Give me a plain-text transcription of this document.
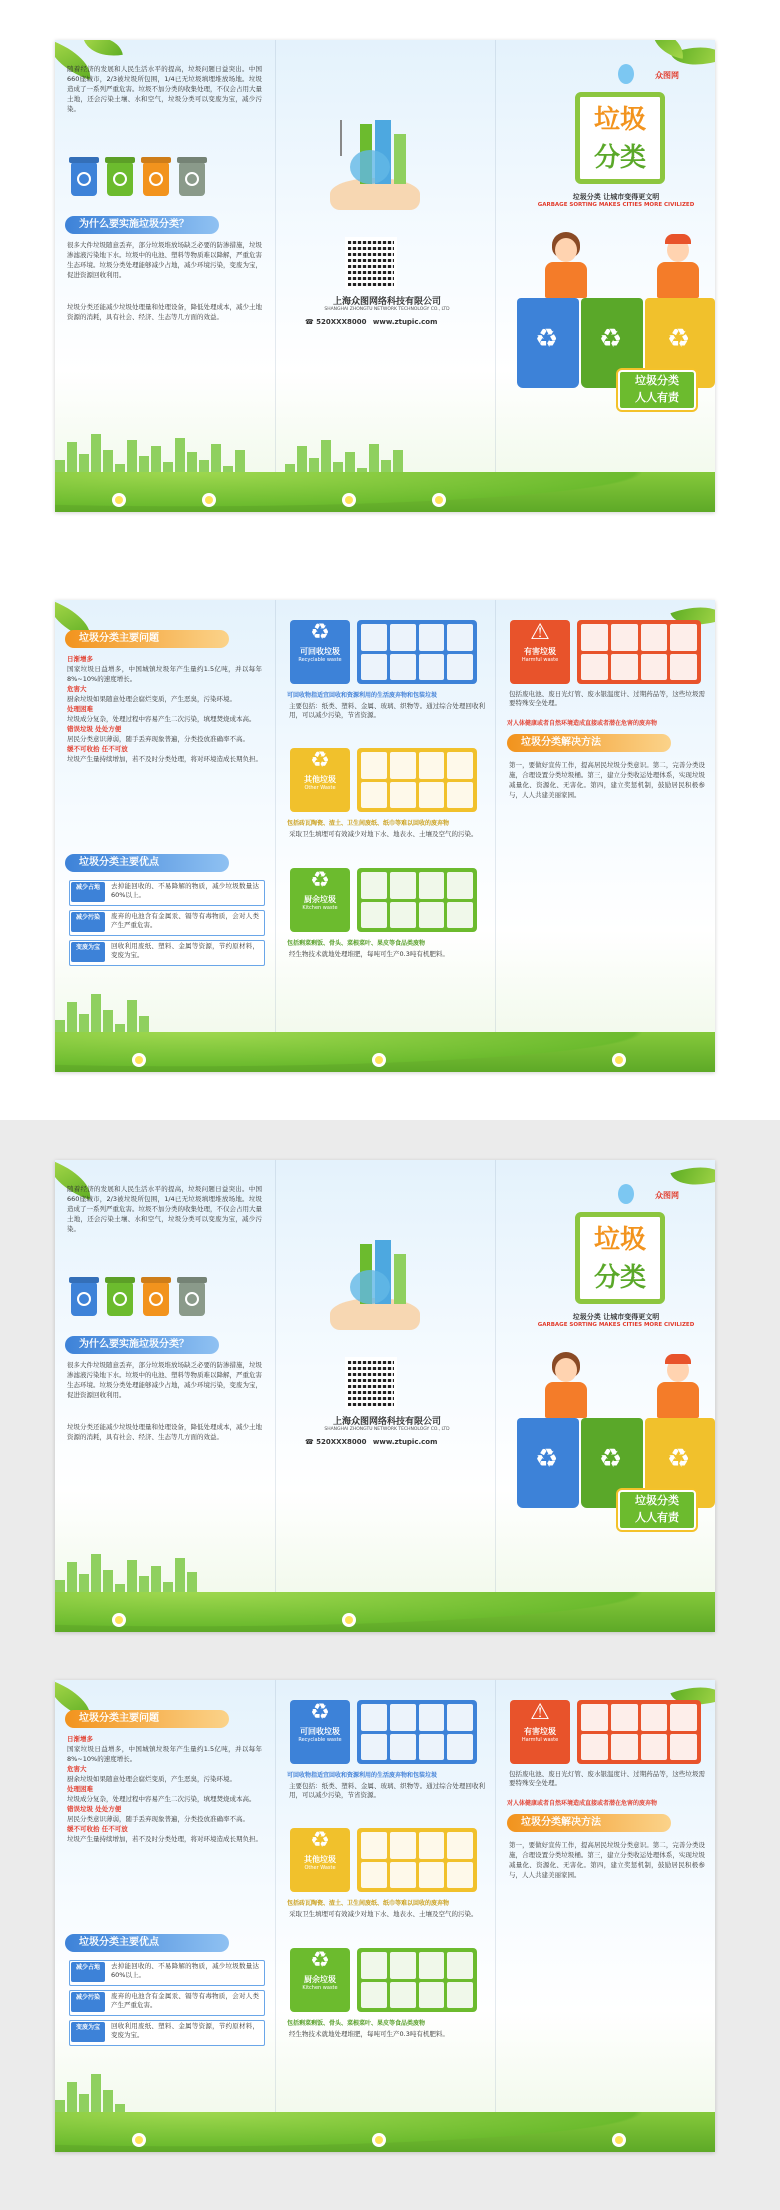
随着经济的发展和人民生活水平的提高，垃圾问题日益突出。中国660座城市，2/3被垃圾所包围，1/4已无垃圾填埋堆放场地。垃圾造成了一系列严重危害。垃圾不加分类的收集处理，不仅会占用大量土地，还会污染土壤、水和空气，垃圾分类可以变废为宝，减少污染。
为什么要实施垃圾分类？
很多大件垃圾随意丢弃，部分垃圾堆放场缺乏必要的防渗措施，垃圾渗滤液污染地下水。垃圾中的电池、塑料等物质难以降解，严重危害生态环境。垃圾分类处理能够减少占地，减少环境污染，变废为宝，促进资源回收利用。
垃圾分类还能减少垃圾处理量和处理设备，降低处理成本，减少土地资源的消耗，具有社会、经济、生态等几方面的效益。
上海众图网络科技有限公司
SHANGHAI ZHONGTU NETWORK TECHNOLOGY CO., LTD
☎ 520XXX8000 www.ztupic.com
众图网
垃圾
分类
垃圾分类 让城市变得更文明
GARBAGE SORTING MAKES CITIES MORE CIVILIZED
♻ ♻ ♻
垃圾分类
人人有责
垃圾分类主要问题
日渐增多
国家垃圾日益增多，中国城镇垃圾年产生量约1.5亿吨，并以每年8%~10%的速度增长。
危害大
厨余垃圾如果随意处理会腐烂变质，产生恶臭，污染环境。
处理困难
垃圾成分复杂，处理过程中容易产生二次污染，填埋焚烧成本高。
错误垃圾 处处方便
居民分类意识薄弱，随手丢弃现象普遍，分类投放准确率不高。
缓不可收拾 任不可放
垃圾产生量持续增加，若不及时分类处理，将对环境造成长期负担。
垃圾分类主要优点
减少占地	去掉能回收的、不易降解的物质，减少垃圾数量达60%以上。
减少污染	废弃的电池含有金属汞、镉等有毒物质，会对人类产生严重危害。
变废为宝	回收利用废纸、塑料、金属等资源，节约原材料，变废为宝。
♻
可回收垃圾
Recyclable waste
可回收物指适宜回收和资源利用的生活废弃物和包装垃圾
主要包括：纸类、塑料、金属、玻璃、织物等。通过综合处理回收利用，可以减少污染，节省资源。
♻
其他垃圾
Other Waste
包括砖瓦陶瓷、渣土、卫生间废纸、纸巾等难以回收的废弃物
采取卫生填埋可有效减少对地下水、地表水、土壤及空气的污染。
♻
厨余垃圾
Kitchen waste
包括剩菜剩饭、骨头、菜根菜叶、果皮等食品类废物
经生物技术就地处理堆肥，每吨可生产0.3吨有机肥料。
⚠
有害垃圾
Harmful waste
包括废电池、废日光灯管、废水银温度计、过期药品等，这些垃圾需要特殊安全处理。
对人体健康或者自然环境造成直接或者潜在危害的废弃物
垃圾分类解决方法
第一，要做好宣传工作，提高居民垃圾分类意识。第二，完善分类设施，合理设置分类垃圾桶。第三，建立分类收运处理体系，实现垃圾减量化、资源化、无害化。第四，建立奖惩机制，鼓励居民积极参与，人人共建美丽家园。
随着经济的发展和人民生活水平的提高，垃圾问题日益突出。中国660座城市，2/3被垃圾所包围，1/4已无垃圾填埋堆放场地。垃圾造成了一系列严重危害。垃圾不加分类的收集处理，不仅会占用大量土地，还会污染土壤、水和空气，垃圾分类可以变废为宝，减少污染。
为什么要实施垃圾分类？
很多大件垃圾随意丢弃，部分垃圾堆放场缺乏必要的防渗措施，垃圾渗滤液污染地下水。垃圾中的电池、塑料等物质难以降解，严重危害生态环境。垃圾分类处理能够减少占地，减少环境污染，变废为宝，促进资源回收利用。
垃圾分类还能减少垃圾处理量和处理设备，降低处理成本，减少土地资源的消耗，具有社会、经济、生态等几方面的效益。
上海众图网络科技有限公司
SHANGHAI ZHONGTU NETWORK TECHNOLOGY CO., LTD
☎ 520XXX8000 www.ztupic.com
众图网
垃圾
分类
垃圾分类 让城市变得更文明
GARBAGE SORTING MAKES CITIES MORE CIVILIZED
♻ ♻ ♻
垃圾分类
人人有责
垃圾分类主要问题
日渐增多
国家垃圾日益增多，中国城镇垃圾年产生量约1.5亿吨，并以每年8%~10%的速度增长。
危害大
厨余垃圾如果随意处理会腐烂变质，产生恶臭，污染环境。
处理困难
垃圾成分复杂，处理过程中容易产生二次污染，填埋焚烧成本高。
错误垃圾 处处方便
居民分类意识薄弱，随手丢弃现象普遍，分类投放准确率不高。
缓不可收拾 任不可放
垃圾产生量持续增加，若不及时分类处理，将对环境造成长期负担。
垃圾分类主要优点
减少占地	去掉能回收的、不易降解的物质，减少垃圾数量达60%以上。
减少污染	废弃的电池含有金属汞、镉等有毒物质，会对人类产生严重危害。
变废为宝	回收利用废纸、塑料、金属等资源，节约原材料，变废为宝。
♻
可回收垃圾
Recyclable waste
可回收物指适宜回收和资源利用的生活废弃物和包装垃圾
主要包括：纸类、塑料、金属、玻璃、织物等。通过综合处理回收利用，可以减少污染，节省资源。
♻
其他垃圾
Other Waste
包括砖瓦陶瓷、渣土、卫生间废纸、纸巾等难以回收的废弃物
采取卫生填埋可有效减少对地下水、地表水、土壤及空气的污染。
♻
厨余垃圾
Kitchen waste
包括剩菜剩饭、骨头、菜根菜叶、果皮等食品类废物
经生物技术就地处理堆肥，每吨可生产0.3吨有机肥料。
⚠
有害垃圾
Harmful waste
包括废电池、废日光灯管、废水银温度计、过期药品等，这些垃圾需要特殊安全处理。
对人体健康或者自然环境造成直接或者潜在危害的废弃物
垃圾分类解决方法
第一，要做好宣传工作，提高居民垃圾分类意识。第二，完善分类设施，合理设置分类垃圾桶。第三，建立分类收运处理体系，实现垃圾减量化、资源化、无害化。第四，建立奖惩机制，鼓励居民积极参与，人人共建美丽家园。
